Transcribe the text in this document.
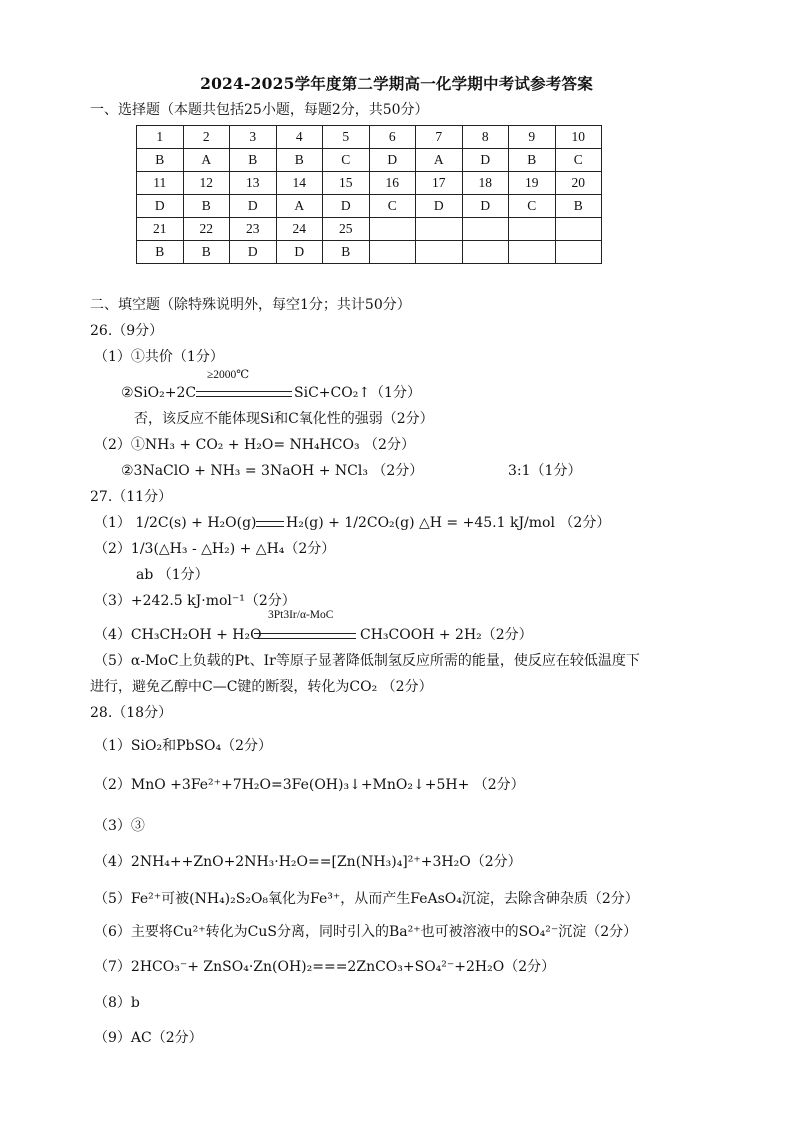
2024-2025学年度第二学期高一化学期中考试参考答案
一、选择题（本题共包括25小题，每题2分，共50分）
1	2	3	4	5	6	7	8	9	10
B	A	B	B	C	D	A	D	B	C
11	12	13	14	15	16	17	18	19	20
D	B	D	A	D	C	D	D	C	B
21	22	23	24	25					
B	B	D	D	B					
二、填空题（除特殊说明外，每空1分；共计50分）
26.（9分）
（1）①共价（1分）
≥2000℃
②SiO₂+2C	SiC+CO₂↑（1分）
否，该反应不能体现Si和C氧化性的强弱（2分）
（2）①NH₃ + CO₂ + H₂O= NH₄HCO₃ （2分）
②3NaClO + NH₃ = 3NaOH + NCl₃ （2分）	3:1（1分）
27.（11分）
（1） 1/2C(s) + H₂O(g) H₂(g) + 1/2CO₂(g) △H = +45.1 kJ/mol （2分）
（2）1/3(△H₃ - △H₂) + △H₄（2分）
ab （1分）
（3）+242.5 kJ·mol⁻¹（2分）
3Pt3Ir/α-MoC
（4）CH₃CH₂OH + H₂O	CH₃COOH + 2H₂（2分）
（5）α-MoC上负载的Pt、Ir等原子显著降低制氢反应所需的能量，使反应在较低温度下
进行，避免乙醇中C—C键的断裂，转化为CO₂ （2分）
28.（18分）
（1）SiO₂和PbSO₄（2分）
（2）MnO +3Fe²⁺+7H₂O=3Fe(OH)₃↓+MnO₂↓+5H+ （2分）
（3）③
（4）2NH₄++ZnO+2NH₃·H₂O==[Zn(NH₃)₄]²⁺+3H₂O（2分）
（5）Fe²⁺可被(NH₄)₂S₂O₈氧化为Fe³⁺，从而产生FeAsO₄沉淀，去除含砷杂质（2分）
（6）主要将Cu²⁺转化为CuS分离，同时引入的Ba²⁺也可被溶液中的SO₄²⁻沉淀（2分）
（7）2HCO₃⁻+ ZnSO₄·Zn(OH)₂===2ZnCO₃+SO₄²⁻+2H₂O（2分）
（8）b
（9）AC（2分）
